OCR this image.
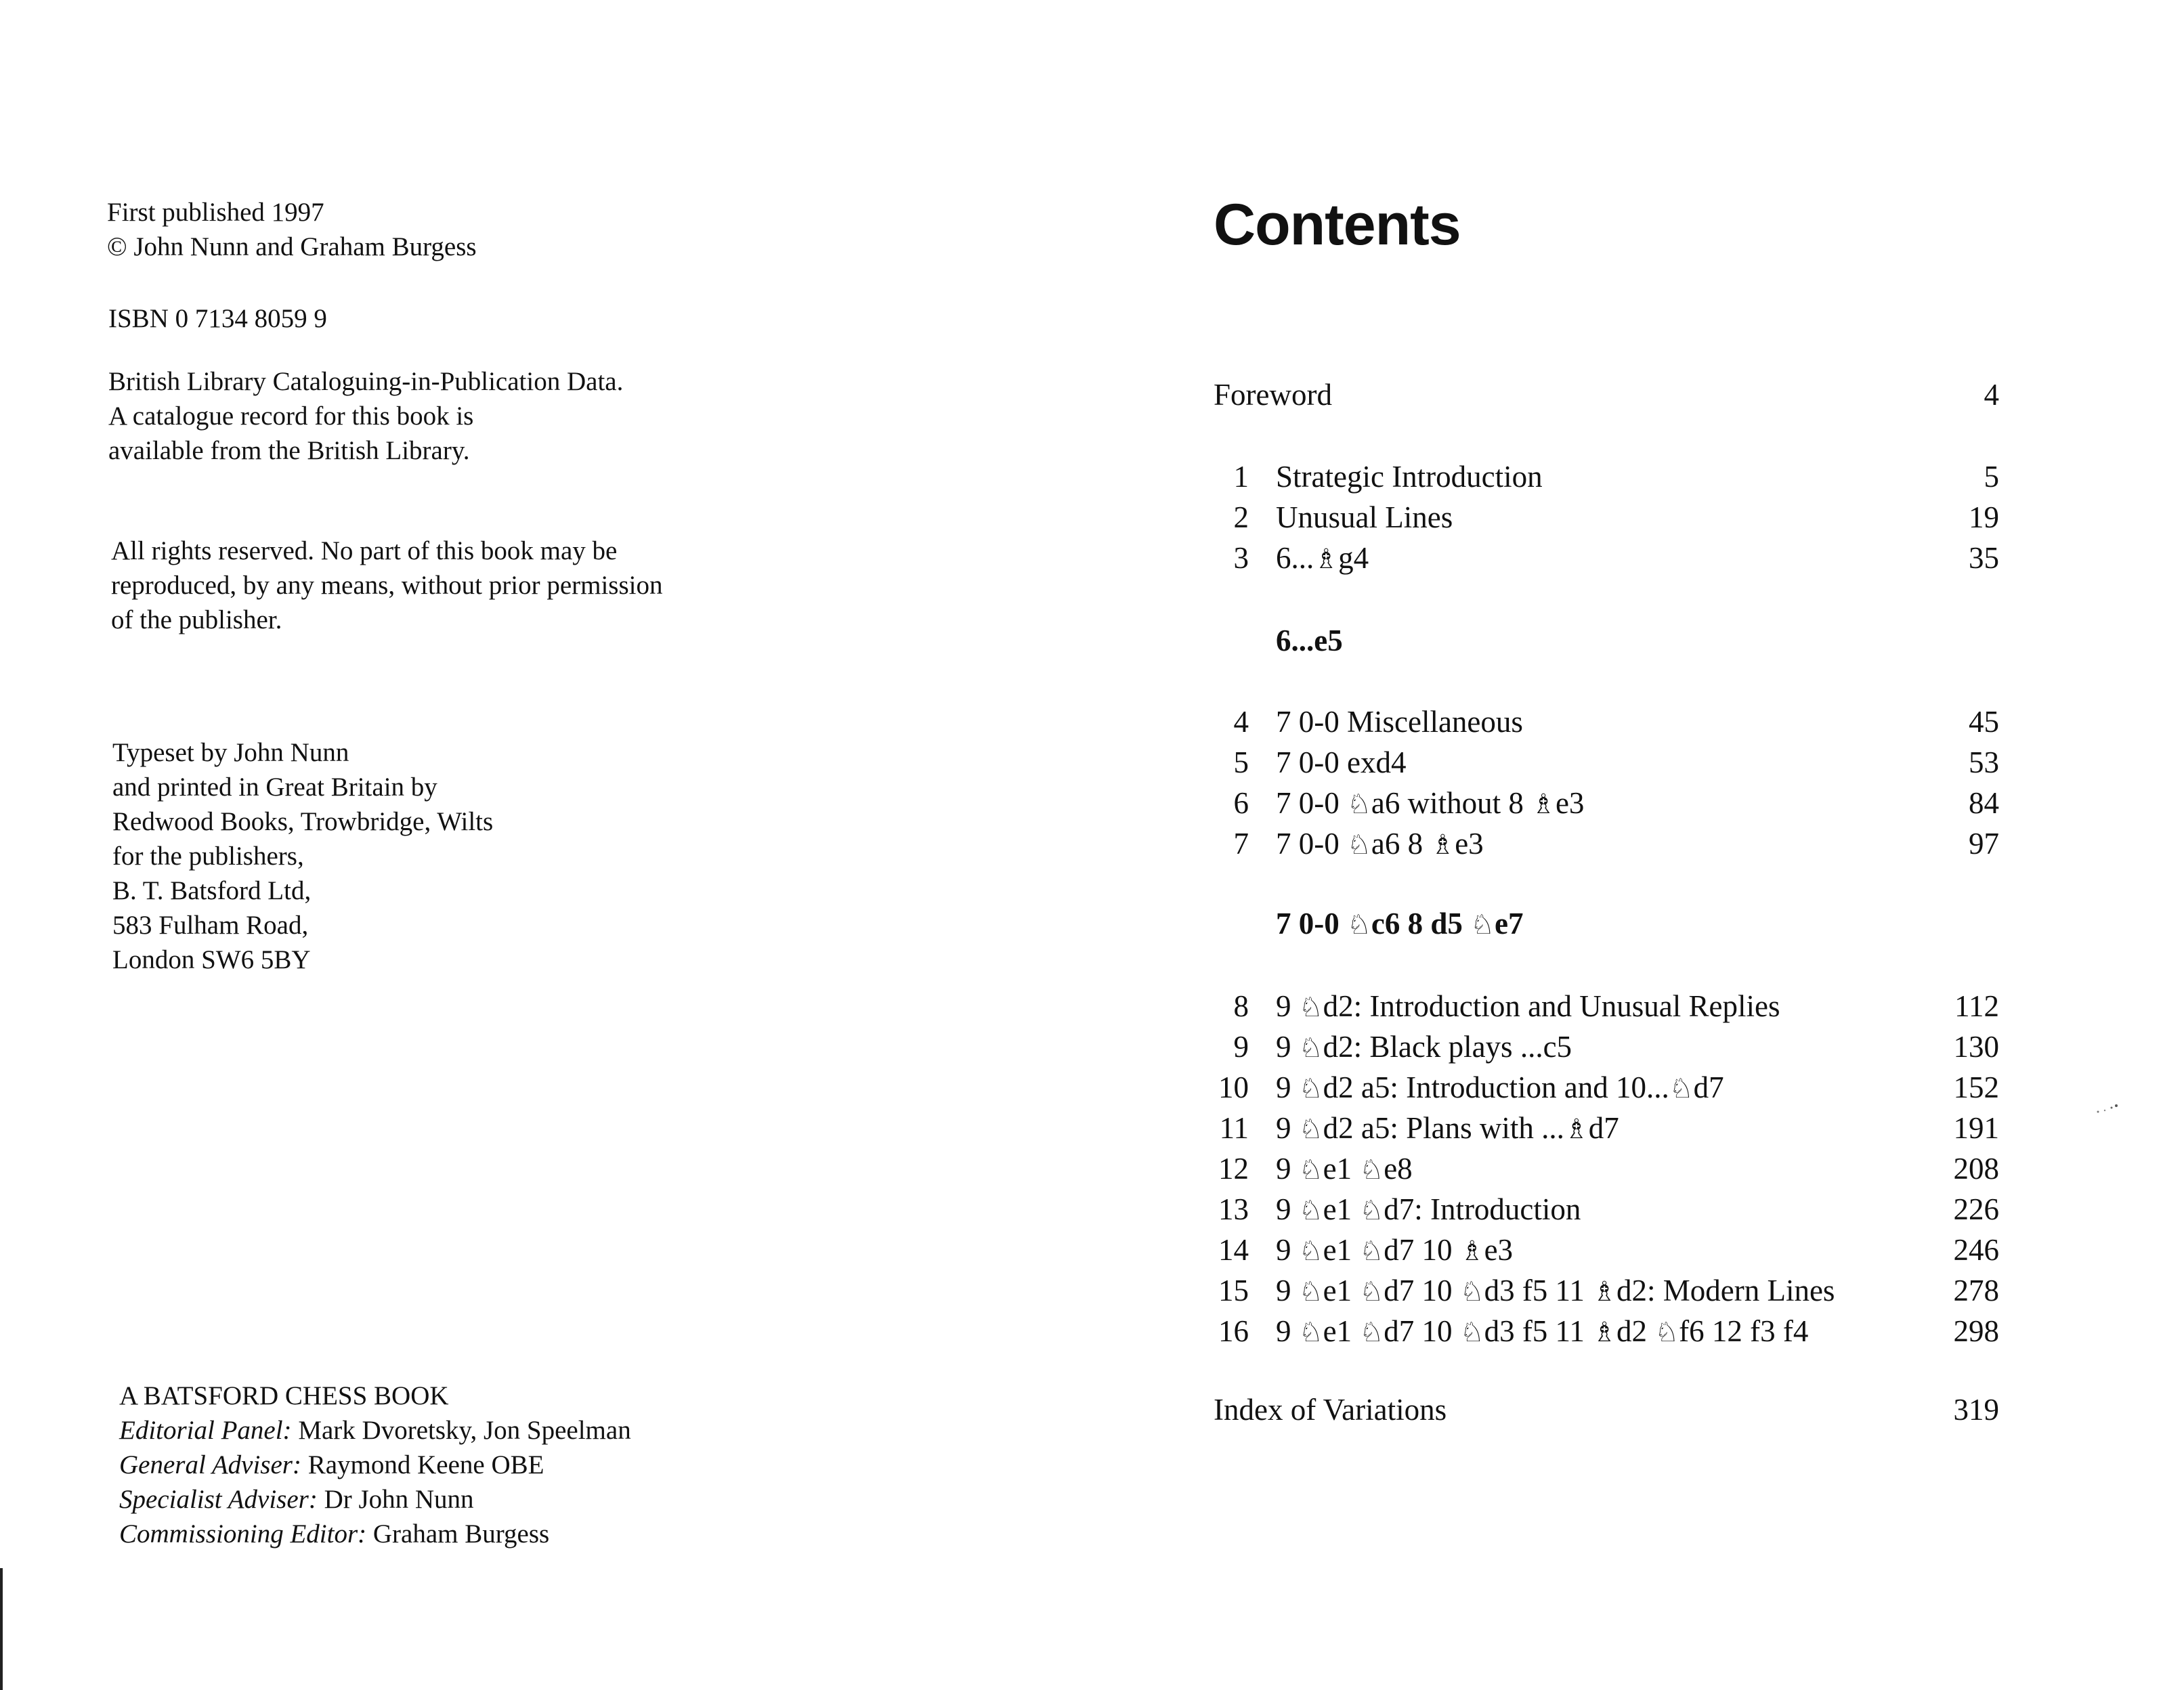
First published 1997
© John Nunn and Graham Burgess
ISBN 0 7134 8059 9
British Library Cataloguing-in-Publication Data.
A catalogue record for this book is
available from the British Library.
All rights reserved. No part of this book may be
reproduced, by any means, without prior permission
of the publisher.
Typeset by John Nunn
and printed in Great Britain by
Redwood Books, Trowbridge, Wilts
for the publishers,
B. T. Batsford Ltd,
583 Fulham Road,
London SW6 5BY
A BATSFORD CHESS BOOK
Editorial Panel: Mark Dvoretsky, Jon Speelman
General Adviser: Raymond Keene OBE
Specialist Adviser: Dr John Nunn
Commissioning Editor: Graham Burgess
Contents
Foreword	4
1 Strategic Introduction	5
2 Unusual Lines	19
3 6...♗g4	35
6...e5
4 7 0-0 Miscellaneous	45
5 7 0-0 exd4	53
6 7 0-0 ♘a6 without 8 ♗e3	84
7 7 0-0 ♘a6 8 ♗e3	97
7 0-0 ♘c6 8 d5 ♘e7
8 9 ♘d2: Introduction and Unusual Replies	112
9 9 ♘d2: Black plays ...c5	130
10 9 ♘d2 a5: Introduction and 10...♘d7	152
11 9 ♘d2 a5: Plans with ...♗d7	191
12 9 ♘e1 ♘e8	208
13 9 ♘e1 ♘d7: Introduction	226
14 9 ♘e1 ♘d7 10 ♗e3	246
15 9 ♘e1 ♘d7 10 ♘d3 f5 11 ♗d2: Modern Lines	278
16 9 ♘e1 ♘d7 10 ♘d3 f5 11 ♗d2 ♘f6 12 f3 f4	298
Index of Variations	319
